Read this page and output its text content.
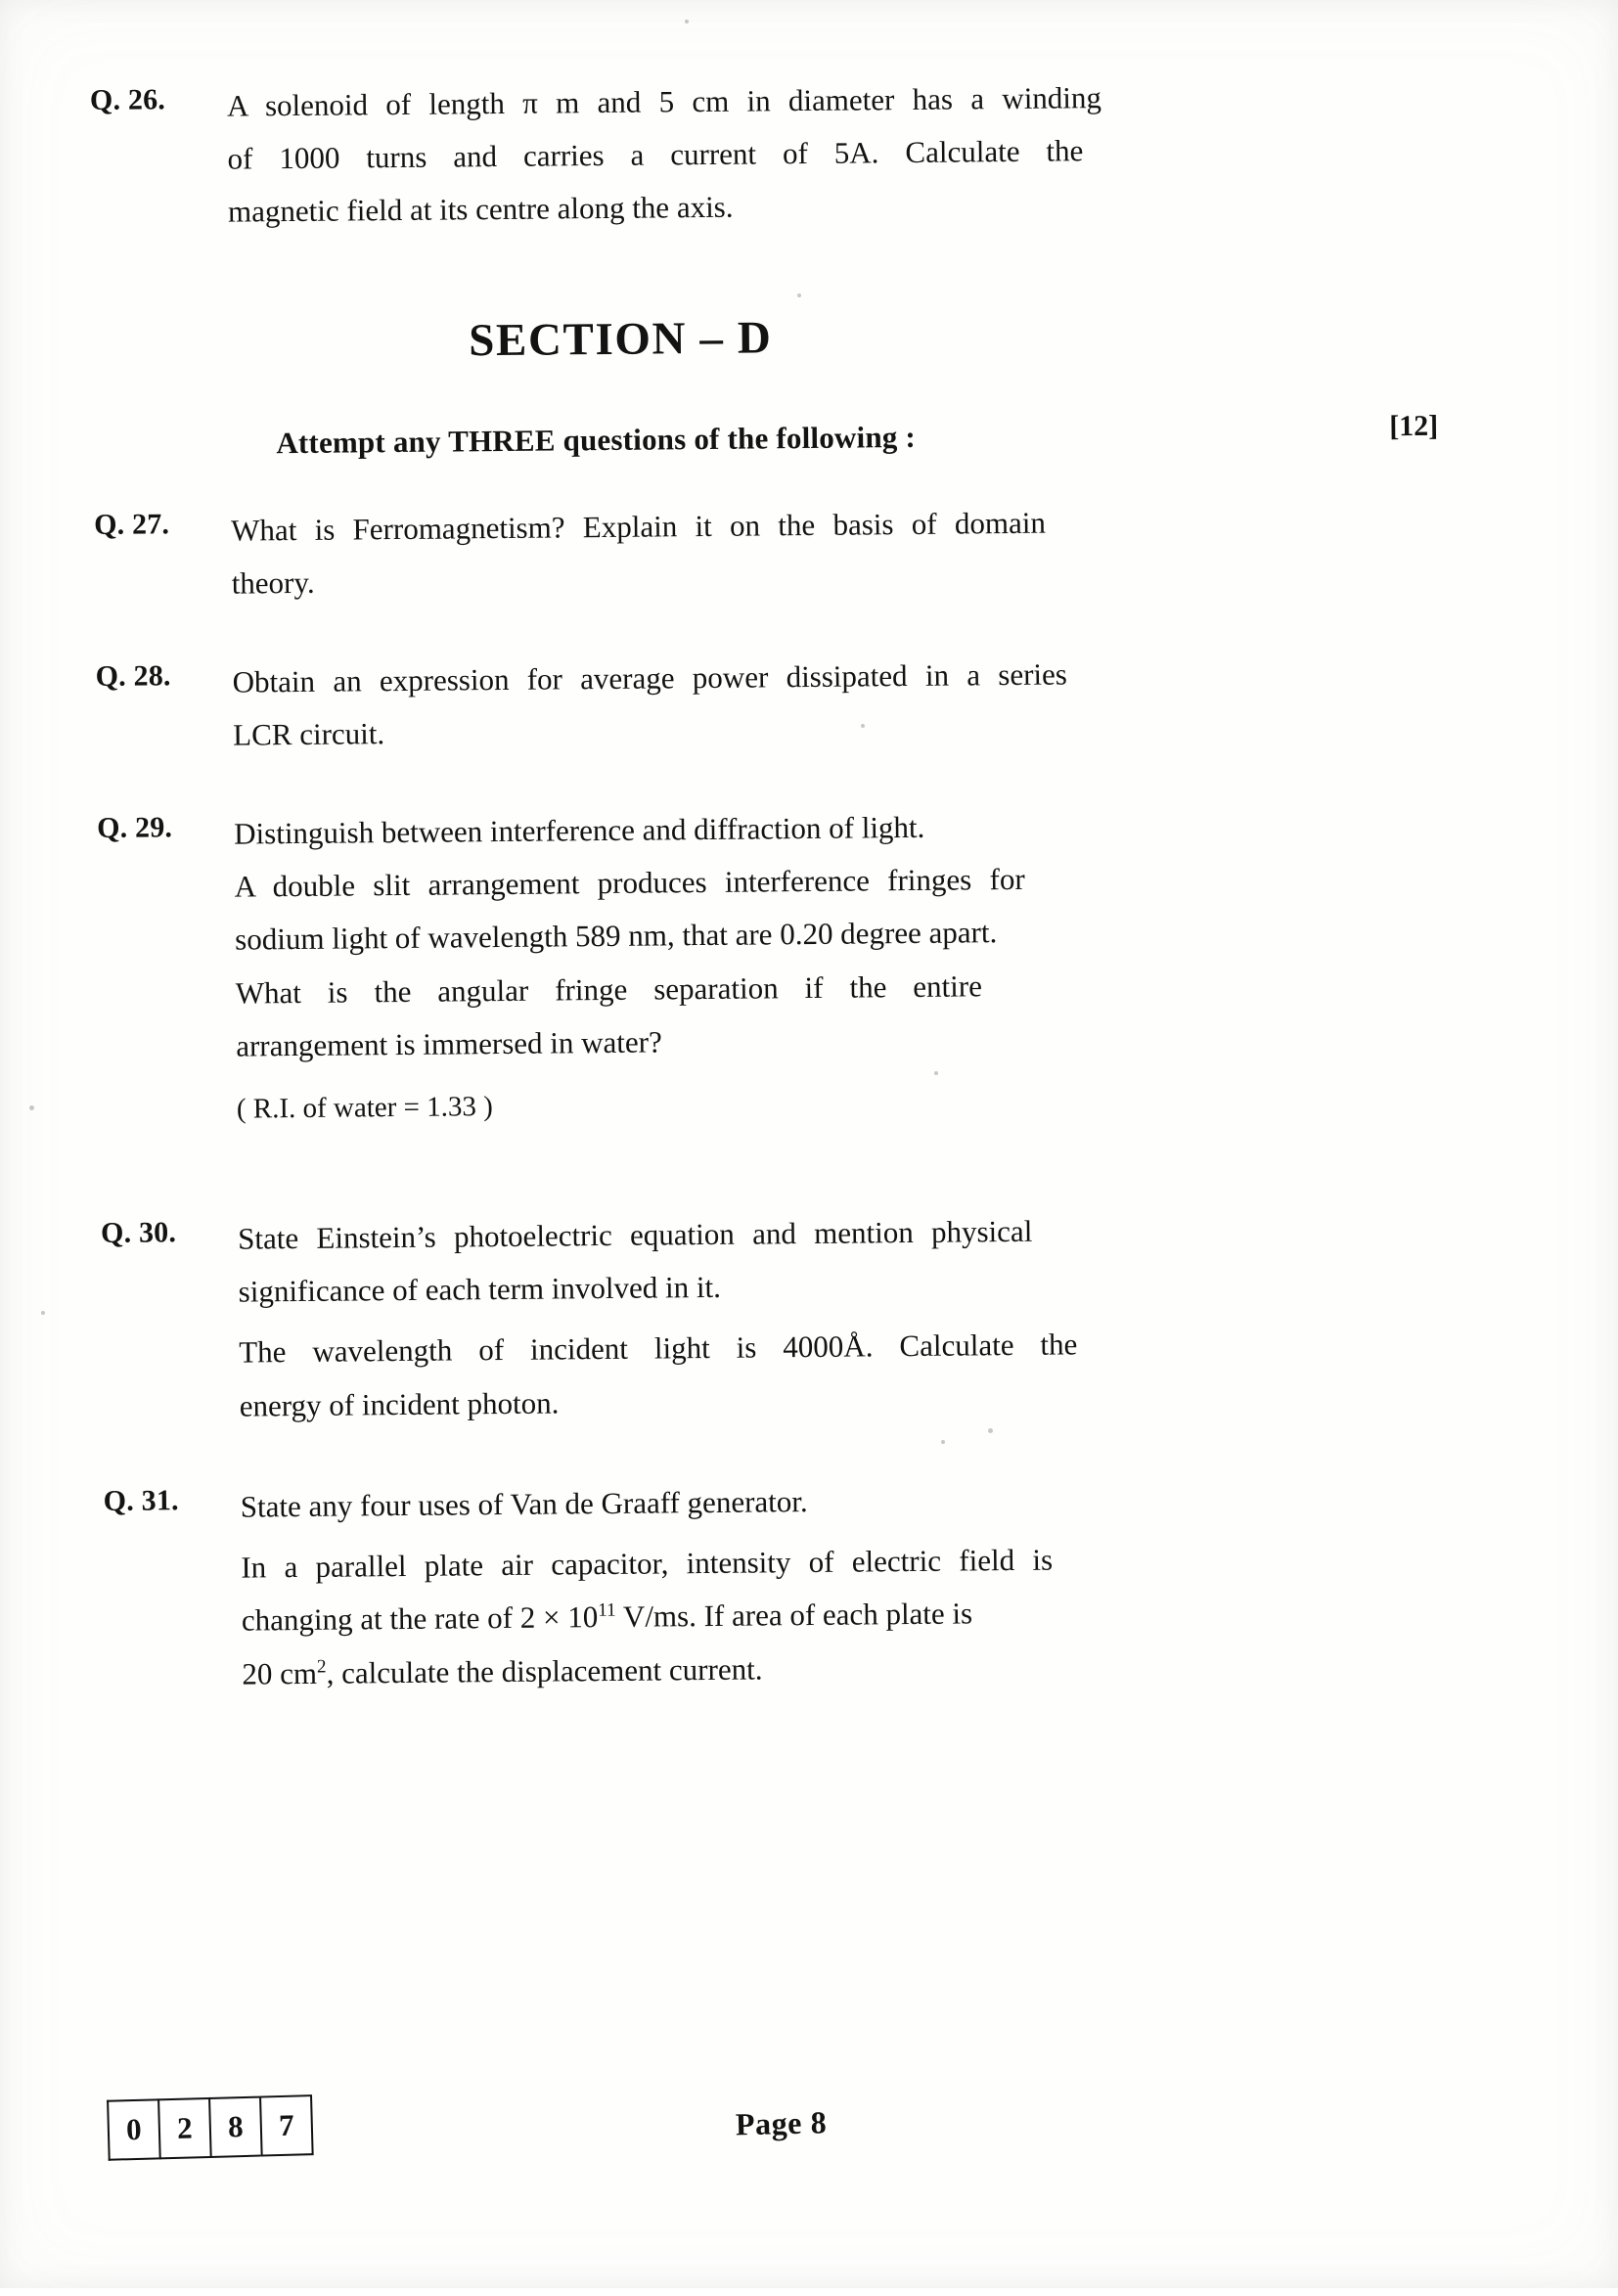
Q. 26.	A solenoid of length π m and 5 cm in diameter has a winding

of 1000 turns and carries a current of 5A. Calculate the

magnetic field at its centre along the axis.

SECTION – D
Attempt any THREE questions of the following :	[12]
Q. 27.	What is Ferromagnetism? Explain it on the basis of domain

theory.

Q. 28.	Obtain an expression for average power dissipated in a series

LCR circuit.

Q. 29.	Distinguish between interference and diffraction of light.

A double slit arrangement produces interference fringes for

sodium light of wavelength 589 nm, that are 0.20 degree apart.

What is the angular fringe separation if the entire

arrangement is immersed in water?

( R.I. of water = 1.33 )

Q. 30.	State Einstein’s photoelectric equation and mention physical

significance of each term involved in it.

The wavelength of incident light is 4000Å. Calculate the

energy of incident photon.

Q. 31.	State any four uses of Van de Graaff generator.

In a parallel plate air capacitor, intensity of electric field is

changing at the rate of $2 \times 10^{11}$ V/ms. If area of each plate is

20 $cm^2$, calculate the displacement current.

0	2	8	7	Page 8
